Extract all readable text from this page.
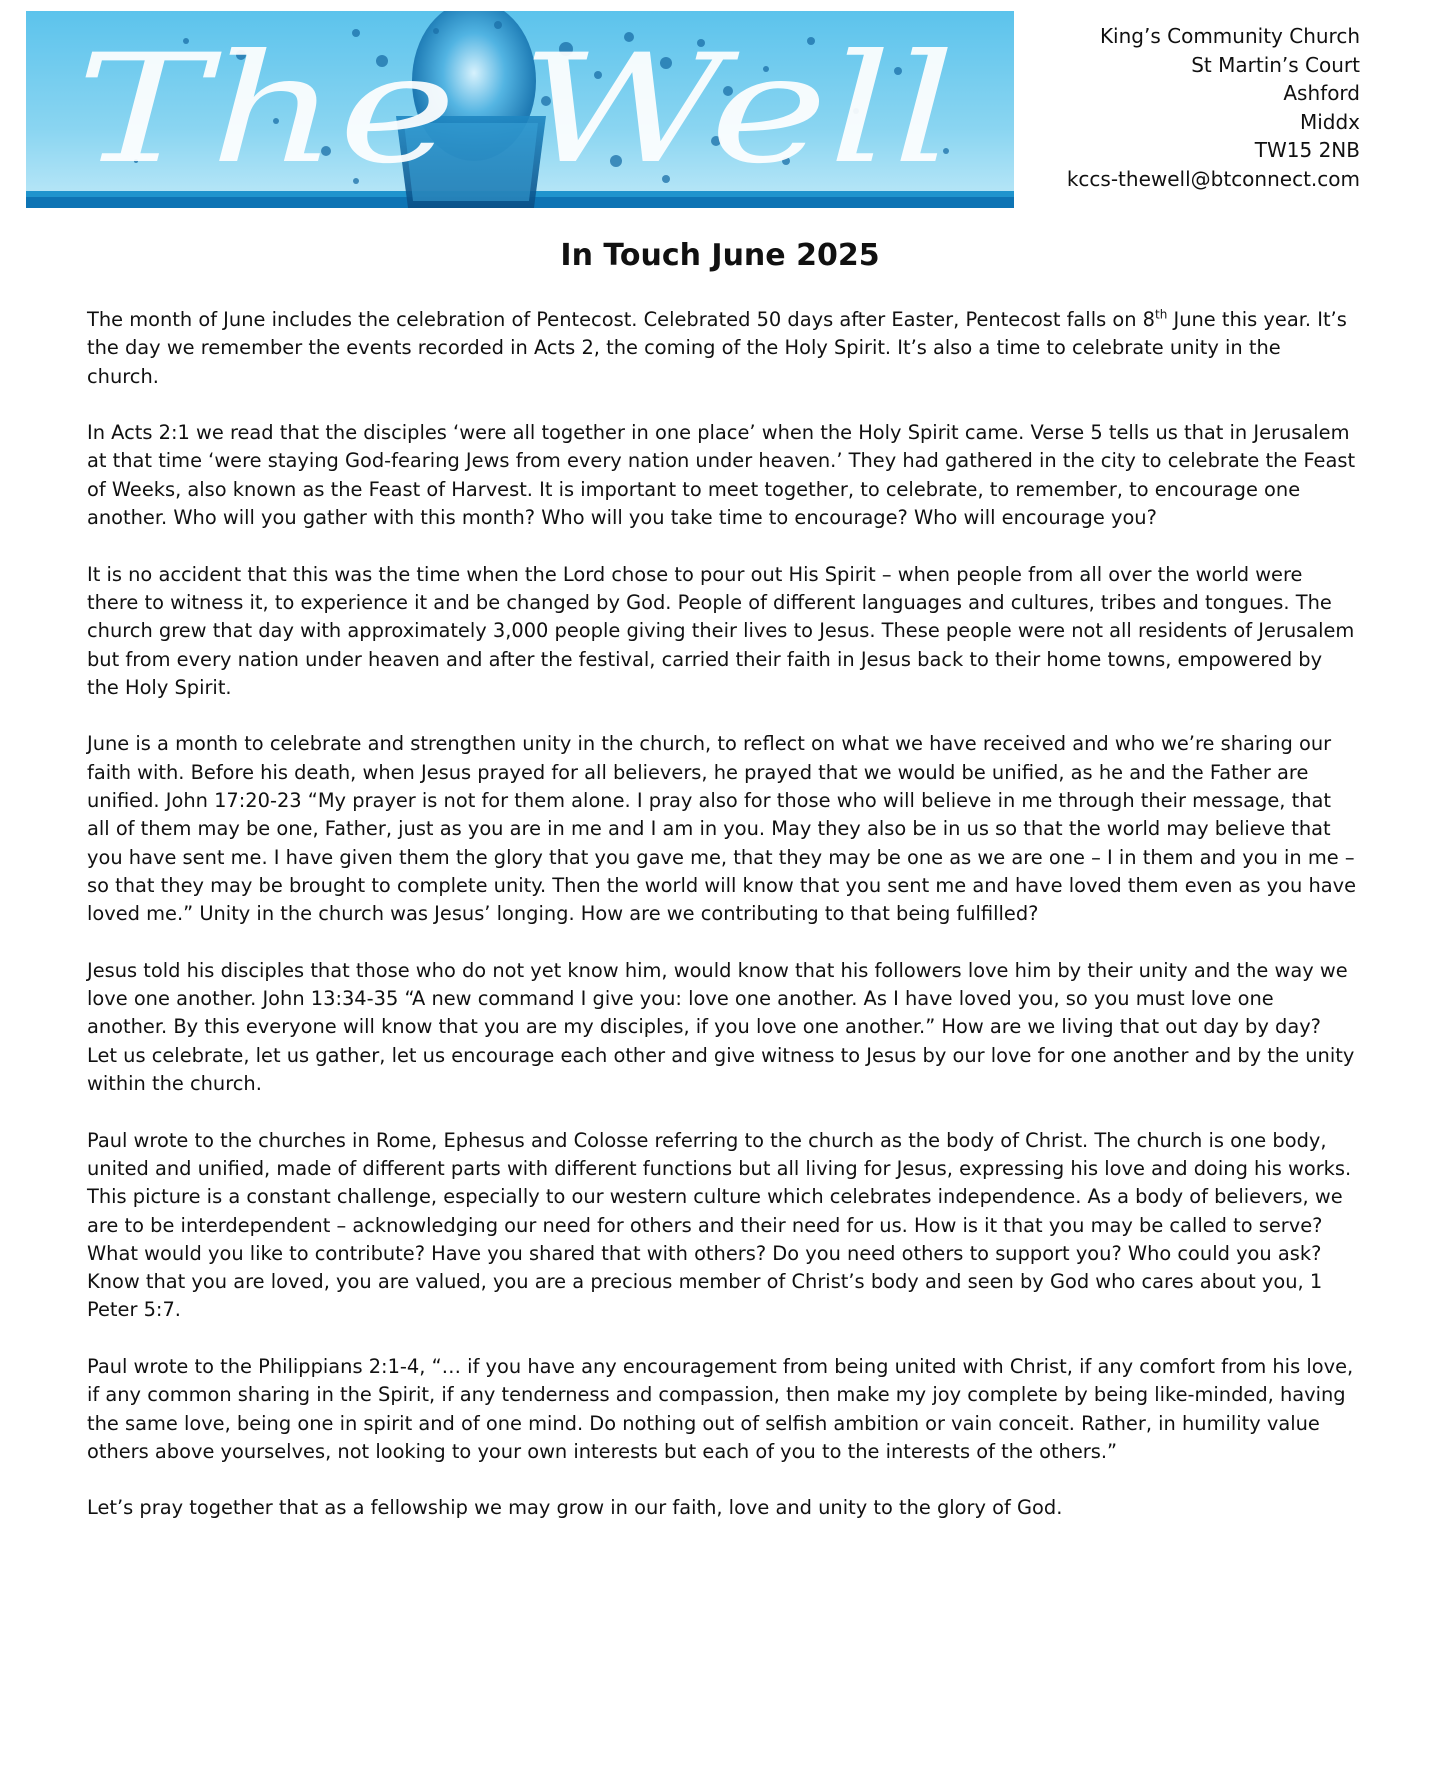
The Well	King’s Community Church
St Martin’s Court
Ashford
Middx
TW15 2NB
kccs-thewell@btconnect.com
In Touch June 2025

The month of June includes the celebration of Pentecost. Celebrated 50 days after Easter, Pentecost falls on 8th June this year. It’s the day we remember the events recorded in Acts 2, the coming of the Holy Spirit. It’s also a time to celebrate unity in the church.

In Acts 2:1 we read that the disciples ‘were all together in one place’ when the Holy Spirit came. Verse 5 tells us that in Jerusalem at that time ‘were staying God-fearing Jews from every nation under heaven.’ They had gathered in the city to celebrate the Feast of Weeks, also known as the Feast of Harvest. It is important to meet together, to celebrate, to remember, to encourage one another. Who will you gather with this month? Who will you take time to encourage? Who will encourage you?

It is no accident that this was the time when the Lord chose to pour out His Spirit – when people from all over the world were there to witness it, to experience it and be changed by God. People of different languages and cultures, tribes and tongues. The church grew that day with approximately 3,000 people giving their lives to Jesus. These people were not all residents of Jerusalem but from every nation under heaven and after the festival, carried their faith in Jesus back to their home towns, empowered by the Holy Spirit.

June is a month to celebrate and strengthen unity in the church, to reflect on what we have received and who we’re sharing our faith with. Before his death, when Jesus prayed for all believers, he prayed that we would be unified, as he and the Father are unified. John 17:20-23 “My prayer is not for them alone. I pray also for those who will believe in me through their message, that all of them may be one, Father, just as you are in me and I am in you. May they also be in us so that the world may believe that you have sent me. I have given them the glory that you gave me, that they may be one as we are one – I in them and you in me – so that they may be brought to complete unity. Then the world will know that you sent me and have loved them even as you have loved me.” Unity in the church was Jesus’ longing. How are we contributing to that being fulfilled?

Jesus told his disciples that those who do not yet know him, would know that his followers love him by their unity and the way we love one another. John 13:34-35 “A new command I give you: love one another. As I have loved you, so you must love one another. By this everyone will know that you are my disciples, if you love one another.” How are we living that out day by day? Let us celebrate, let us gather, let us encourage each other and give witness to Jesus by our love for one another and by the unity within the church.

Paul wrote to the churches in Rome, Ephesus and Colosse referring to the church as the body of Christ. The church is one body, united and unified, made of different parts with different functions but all living for Jesus, expressing his love and doing his works. This picture is a constant challenge, especially to our western culture which celebrates independence. As a body of believers, we are to be interdependent – acknowledging our need for others and their need for us. How is it that you may be called to serve? What would you like to contribute? Have you shared that with others? Do you need others to support you? Who could you ask? Know that you are loved, you are valued, you are a precious member of Christ’s body and seen by God who cares about you, 1 Peter 5:7.

Paul wrote to the Philippians 2:1-4, “… if you have any encouragement from being united with Christ, if any comfort from his love, if any common sharing in the Spirit, if any tenderness and compassion, then make my joy complete by being like-minded, having the same love, being one in spirit and of one mind. Do nothing out of selfish ambition or vain conceit. Rather, in humility value others above yourselves, not looking to your own interests but each of you to the interests of the others.”

Let’s pray together that as a fellowship we may grow in our faith, love and unity to the glory of God.
